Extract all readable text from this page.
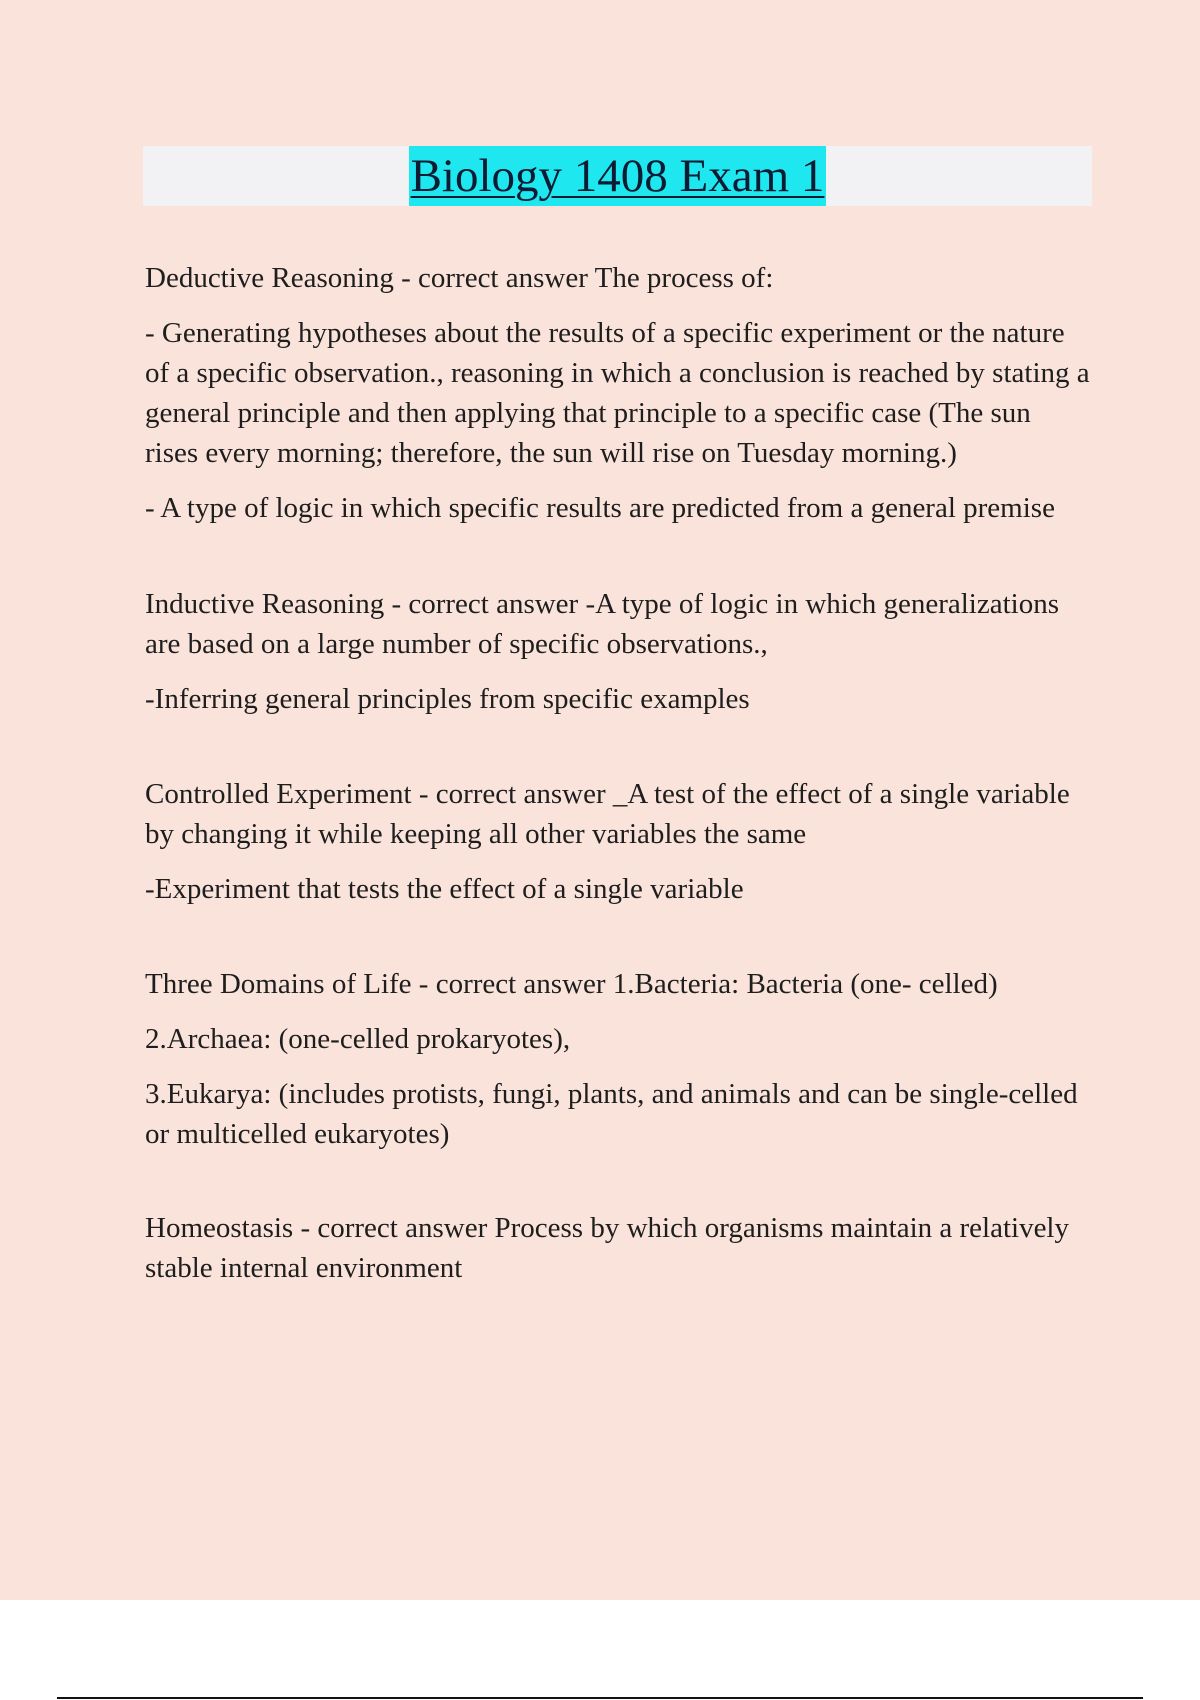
Biology 1408 Exam 1

Deductive Reasoning - correct answer The process of:

- Generating hypotheses about the results of a specific experiment or the nature of a specific observation., reasoning in which a conclusion is reached by stating a general principle and then applying that principle to a specific case (The sun rises every morning; therefore, the sun will rise on Tuesday morning.)

- A type of logic in which specific results are predicted from a general premise

Inductive Reasoning - correct answer -A type of logic in which generalizations are based on a large number of specific observations.,

-Inferring general principles from specific examples

Controlled Experiment - correct answer _A test of the effect of a single variable by changing it while keeping all other variables the same

-Experiment that tests the effect of a single variable

Three Domains of Life - correct answer 1.Bacteria: Bacteria (one- celled)

2.Archaea: (one-celled prokaryotes),

3.Eukarya: (includes protists, fungi, plants, and animals and can be single-celled or multicelled eukaryotes)

Homeostasis - correct answer Process by which organisms maintain a relatively stable internal environment
